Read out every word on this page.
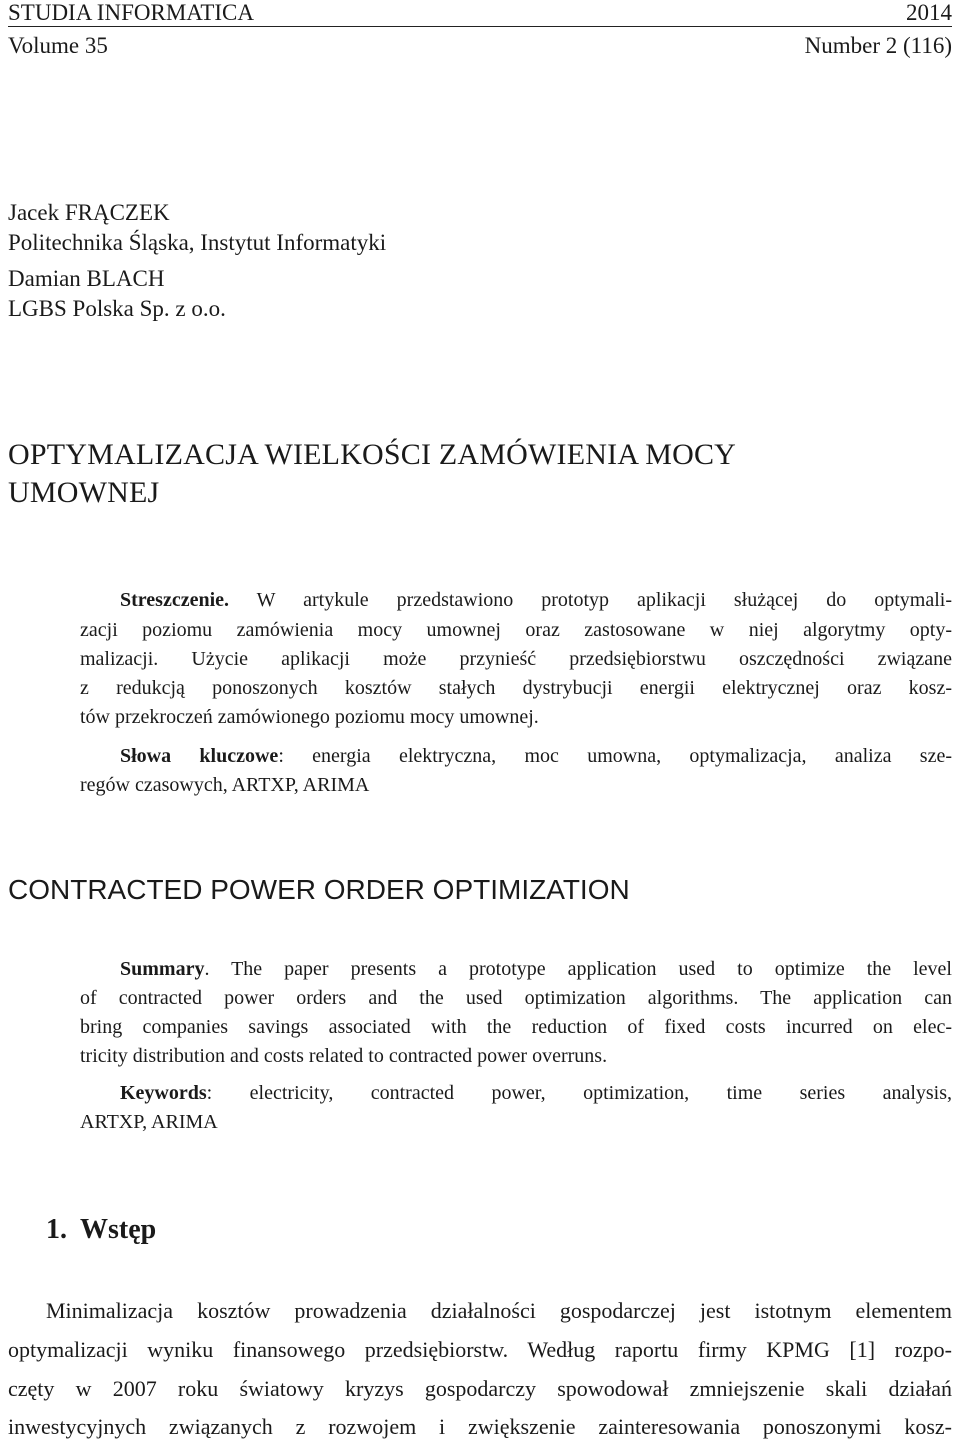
STUDIA INFORMATICA	2014
Volume 35	Number 2 (116)
Jacek FRĄCZEK
Politechnika Śląska, Instytut Informatyki
Damian BLACH
LGBS Polska Sp. z o.o.
OPTYMALIZACJA WIELKOŚCI ZAMÓWIENIA MOCY
UMOWNEJ
Streszczenie. W artykule przedstawiono prototyp aplikacji służącej do optymali-
zacji poziomu zamówienia mocy umownej oraz zastosowane w niej algorytmy opty-
malizacji. Użycie aplikacji może przynieść przedsiębiorstwu oszczędności związane
z redukcją ponoszonych kosztów stałych dystrybucji energii elektrycznej oraz kosz-
tów przekroczeń zamówionego poziomu mocy umownej.
Słowa kluczowe: energia elektryczna, moc umowna, optymalizacja, analiza sze-
regów czasowych, ARTXP, ARIMA
CONTRACTED POWER ORDER OPTIMIZATION
Summary. The paper presents a prototype application used to optimize the level
of contracted power orders and the used optimization algorithms. The application can
bring companies savings associated with the reduction of fixed costs incurred on elec-
tricity distribution and costs related to contracted power overruns.
Keywords: electricity, contracted power, optimization, time series analysis,
ARTXP, ARIMA
1. Wstęp
Minimalizacja kosztów prowadzenia działalności gospodarczej jest istotnym elementem
optymalizacji wyniku finansowego przedsiębiorstw. Według raportu firmy KPMG [1] rozpo-
częty w 2007 roku światowy kryzys gospodarczy spowodował zmniejszenie skali działań
inwestycyjnych związanych z rozwojem i zwiększenie zainteresowania ponoszonymi kosz-
